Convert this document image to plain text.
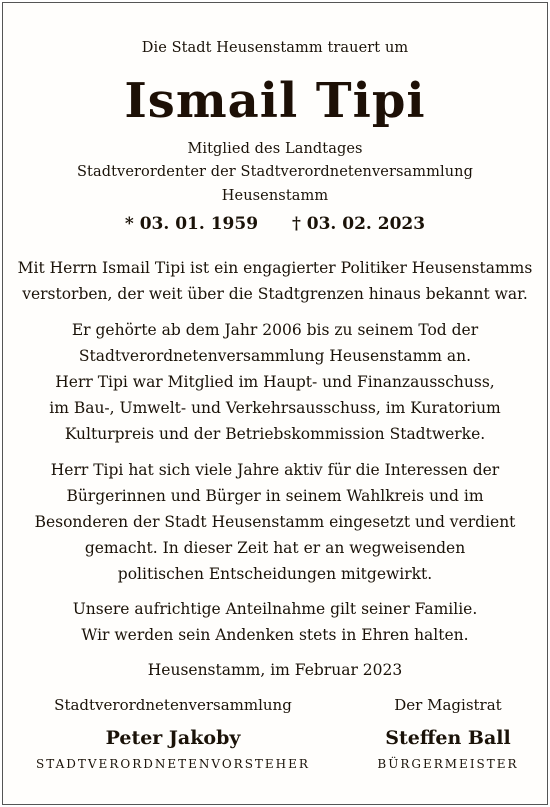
Die Stadt Heusenstamm trauert um
Ismail Tipi
Mitglied des Landtages
Stadtverordenter der Stadtverordnetenversammlung
Heusenstamm
* 03. 01. 1959 † 03. 02. 2023
Mit Herrn Ismail Tipi ist ein engagierter Politiker Heusenstamms
verstorben, der weit über die Stadtgrenzen hinaus bekannt war.
Er gehörte ab dem Jahr 2006 bis zu seinem Tod der
Stadtverordnetenversammlung Heusenstamm an.
Herr Tipi war Mitglied im Haupt- und Finanzausschuss,
im Bau-, Umwelt- und Verkehrsausschuss, im Kuratorium
Kulturpreis und der Betriebskommission Stadtwerke.
Herr Tipi hat sich viele Jahre aktiv für die Interessen der
Bürgerinnen und Bürger in seinem Wahlkreis und im
Besonderen der Stadt Heusenstamm eingesetzt und verdient
gemacht. In dieser Zeit hat er an wegweisenden
politischen Entscheidungen mitgewirkt.
Unsere aufrichtige Anteilnahme gilt seiner Familie.
Wir werden sein Andenken stets in Ehren halten.
Heusenstamm, im Februar 2023
Stadtverordnetenversammlung
Peter Jakoby
STADTVERORDNETENVORSTEHER
Der Magistrat
Steffen Ball
BÜRGERMEISTER
